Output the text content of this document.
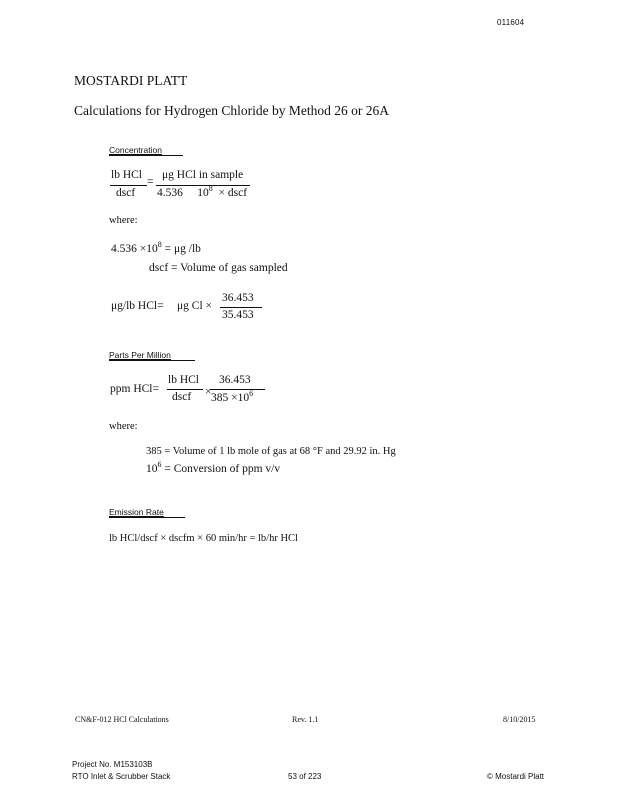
011604
MOSTARDI PLATT
Calculations for Hydrogen Chloride by Method 26 or 26A
Concentration
lb HCl
dscf
=
μg HCl in sample
4.536 $10^8$ × dscf
where:
$4.536 \times 10^8 = \mu g$ /lb
dscf = Volume of gas sampled
μg/lb HCl= μg Cl ×
36.453
35.453
Parts Per Million
ppm HCl=
lb HCl
dscf ×
36.453
$385 \times 10^6$
where:
385 = Volume of 1 lb mole of gas at 68 °F and 29.92 in. Hg
$10^6$ = Conversion of ppm v/v
Emission Rate
lb HCl/dscf × dscfm × 60 min/hr = lb/hr HCl
CN&F-012 HCl Calculations	Rev. 1.1	8/10/2015
Project No. M153103B
RTO Inlet & Scrubber Stack	53 of 223	© Mostardi Platt
